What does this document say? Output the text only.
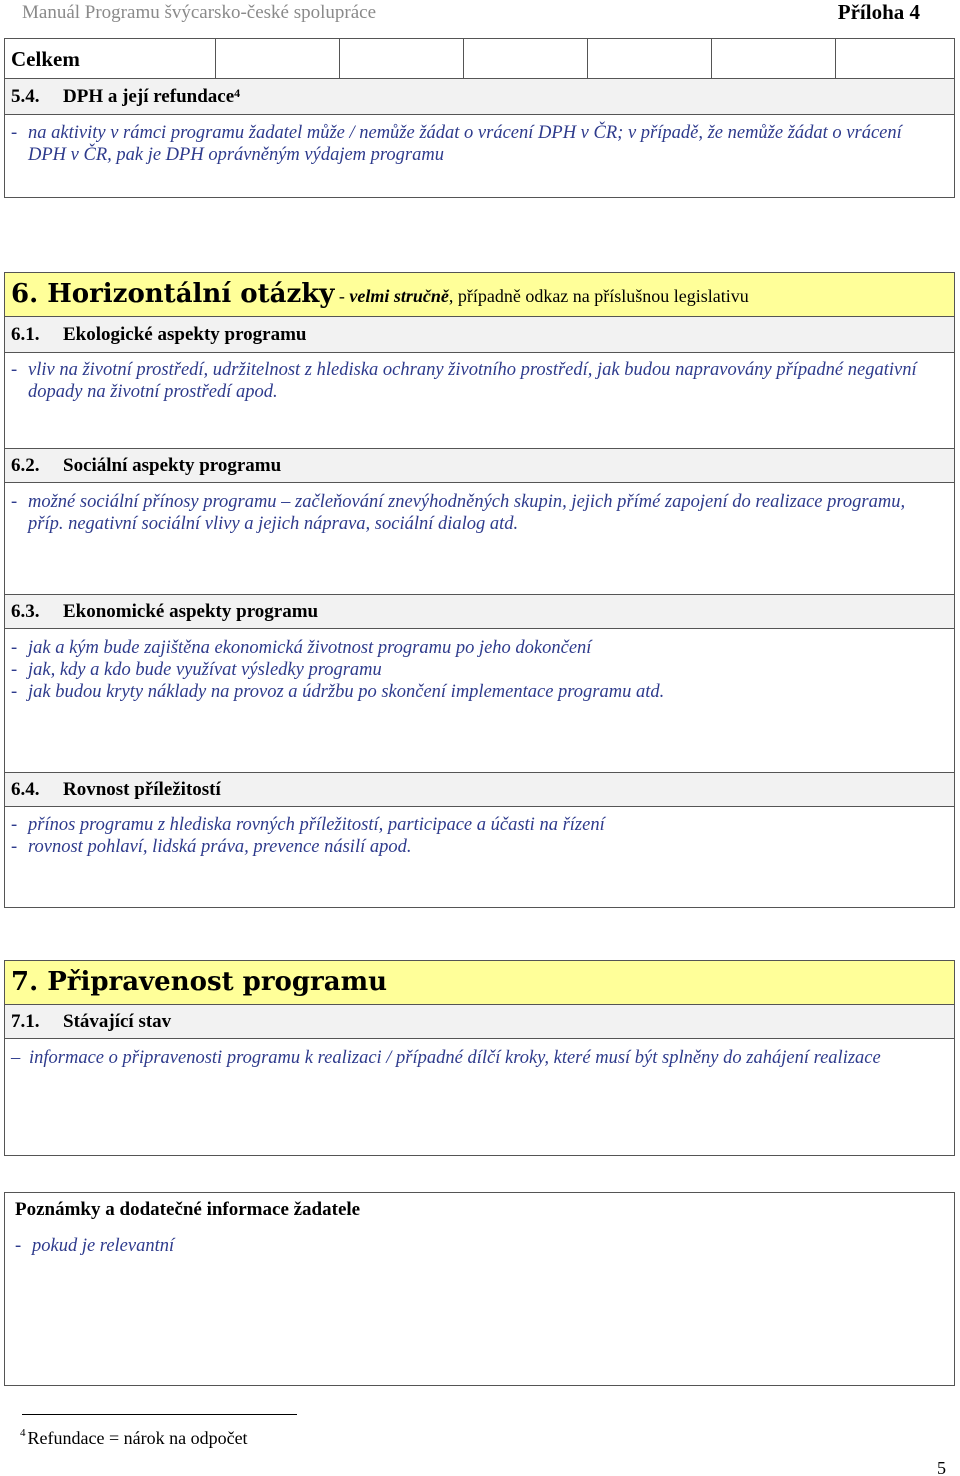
Manuál Programu švýcarsko-české spolupráce	Příloha 4
Celkem
5.4. DPH a její refundace$^4$
- na aktivity v rámci programu žadatel může / nemůže žádat o vrácení DPH v ČR; v případě, že nemůže žádat o vrácení DPH v ČR, pak je DPH oprávněným výdajem programu
6. Horizontální otázky - velmi stručně, případně odkaz na příslušnou legislativu
6.1. Ekologické aspekty programu
- vliv na životní prostředí, udržitelnost z hlediska ochrany životního prostředí, jak budou napravovány případné negativní dopady na životní prostředí apod.
6.2. Sociální aspekty programu
- možné sociální přínosy programu – začleňování znevýhodněných skupin, jejich přímé zapojení do realizace programu, příp. negativní sociální vlivy a jejich náprava, sociální dialog atd.
6.3. Ekonomické aspekty programu
- jak a kým bude zajištěna ekonomická životnost programu po jeho dokončení
- jak, kdy a kdo bude využívat výsledky programu
- jak budou kryty náklady na provoz a údržbu po skončení implementace programu atd.
6.4. Rovnost příležitostí
- přínos programu z hlediska rovných příležitostí, participace a účasti na řízení
- rovnost pohlaví, lidská práva, prevence násilí apod.
7. Připravenost programu
7.1. Stávající stav
– informace o připravenosti programu k realizaci / případné dílčí kroky, které musí být splněny do zahájení realizace
Poznámky a dodatečné informace žadatele
- pokud je relevantní
$^4$ Refundace = nárok na odpočet
5
